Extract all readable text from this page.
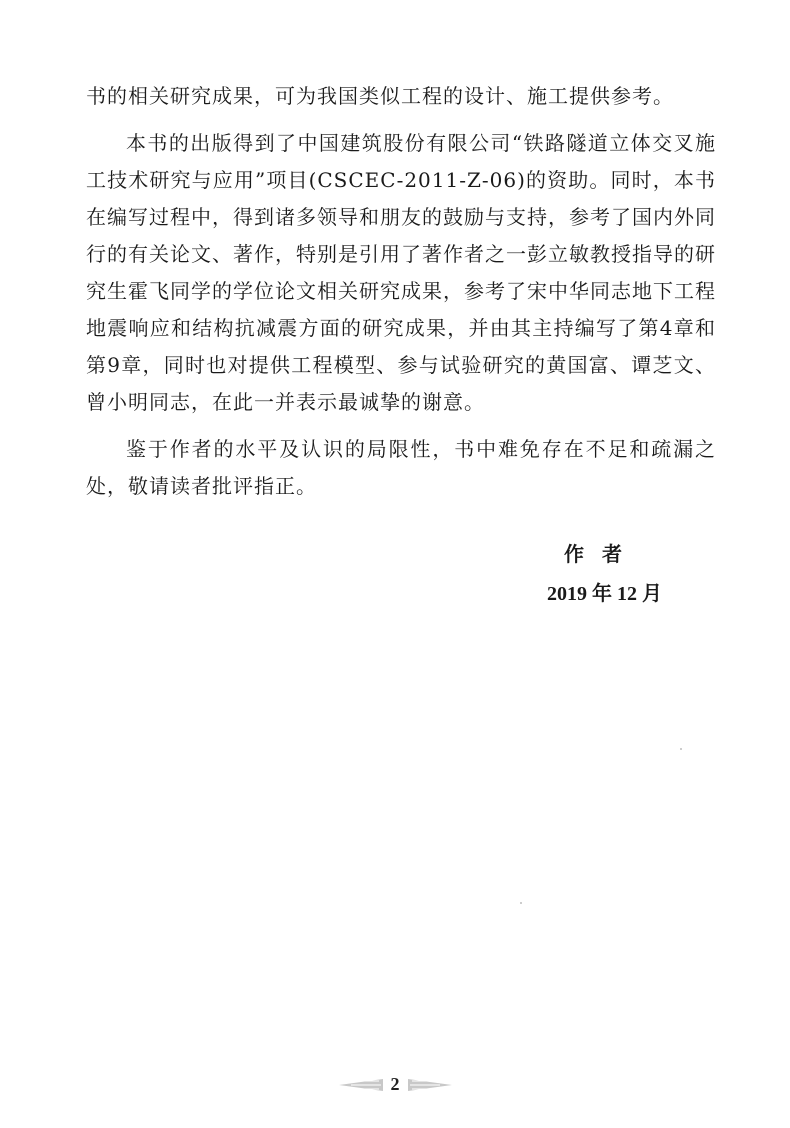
书的相关研究成果，可为我国类似工程的设计、施工提供参考。

本书的出版得到了中国建筑股份有限公司“铁路隧道立体交叉施工技术研究与应用”项目(CSCEC-2011-Z-06)的资助。同时，本书在编写过程中，得到诸多领导和朋友的鼓励与支持，参考了国内外同行的有关论文、著作，特别是引用了著作者之一彭立敏教授指导的研究生霍飞同学的学位论文相关研究成果，参考了宋中华同志地下工程地震响应和结构抗减震方面的研究成果，并由其主持编写了第4章和第9章，同时也对提供工程模型、参与试验研究的黄国富、谭芝文、曾小明同志，在此一并表示最诚挚的谢意。

鉴于作者的水平及认识的局限性，书中难免存在不足和疏漏之处，敬请读者批评指正。

作者
2019 年 12 月
2
